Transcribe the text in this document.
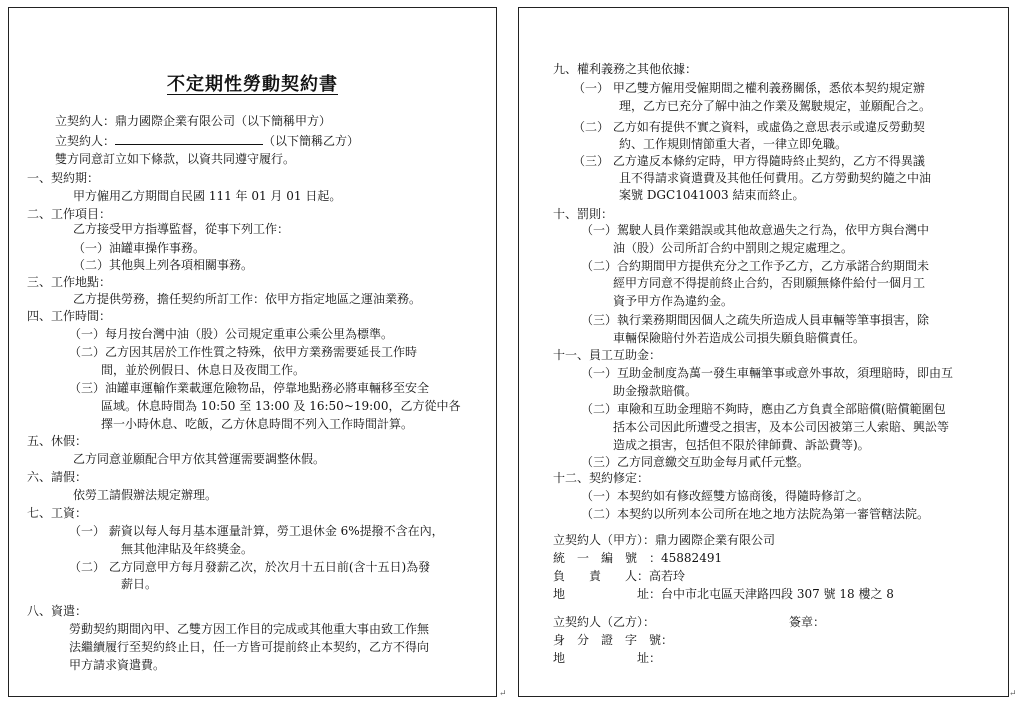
不定期性勞動契約書
立契約人：鼎力國際企業有限公司（以下簡稱甲方）
立契約人：	（以下簡稱乙方）
雙方同意訂立如下條款，以資共同遵守履行。
一、契約期：
甲方僱用乙方期間自民國 111 年 01 月 01 日起。
二、工作項目：
乙方接受甲方指導監督，從事下列工作：
（一）油罐車操作事務。
（二）其他與上列各項相關事務。
三、工作地點：
乙方提供勞務，擔任契約所訂工作：依甲方指定地區之運油業務。
四、工作時間：
（一）每月按台灣中油（股）公司規定重車公乘公里為標準。
（二）乙方因其居於工作性質之特殊，依甲方業務需要延長工作時
間，並於例假日、休息日及夜間工作。
（三）油罐車運輸作業載運危險物品，停靠地點務必將車輛移至安全
區域。休息時間為 10:50 至 13:00 及 16:50~19:00，乙方從中各
擇一小時休息、吃飯，乙方休息時間不列入工作時間計算。
五、休假：
乙方同意並願配合甲方依其營運需要調整休假。
六、請假：
依勞工請假辦法規定辦理。
七、工資：
（一） 薪資以每人每月基本運量計算，勞工退休金 6%提撥不含在內，
無其他津貼及年終獎金。
（二） 乙方同意甲方每月發薪乙次，於次月十五日前(含十五日)為發
薪日。
八、資遣：
勞動契約期間內甲、乙雙方因工作目的完成或其他重大事由致工作無
法繼續履行至契約終止日，任一方皆可提前終止本契約，乙方不得向
甲方請求資遣費。
九、權利義務之其他依據：
（一） 甲乙雙方僱用受僱期間之權利義務關係，悉依本契約規定辦
理，乙方已充分了解中油之作業及駕駛規定，並願配合之。
（二） 乙方如有提供不實之資料，或虛偽之意思表示或違反勞動契
約、工作規則情節重大者，一律立即免職。
（三） 乙方違反本條約定時，甲方得隨時終止契約，乙方不得異議
且不得請求資遣費及其他任何費用。乙方勞動契約隨之中油
案號 DGC1041003 結束而終止。
十、罰則：
（一）駕駛人員作業錯誤或其他故意過失之行為，依甲方與台灣中
油（股）公司所訂合約中罰則之規定處理之。
（二）合約期間甲方提供充分之工作予乙方，乙方承諾合約期間未
經甲方同意不得提前終止合約，否則願無條件給付一個月工
資予甲方作為違約金。
（三）執行業務期間因個人之疏失所造成人員車輛等筆事損害，除
車輛保險賠付外若造成公司損失願負賠償責任。
十一、員工互助金：
（一）互助金制度為萬一發生車輛筆事或意外事故，須理賠時，即由互
助金撥款賠償。
（二）車險和互助金理賠不夠時，應由乙方負責全部賠償(賠償範圍包
括本公司因此所遭受之損害，及本公司因被第三人索賠、興訟等
造成之損害，包括但不限於律師費、訴訟費等)。
（三）乙方同意繳交互助金每月貳仟元整。
十二、契約修定：
（一）本契約如有修改經雙方協商後，得隨時修訂之。
（二）本契約以所列本公司所在地之地方法院為第一審管轄法院。
立契約人（甲方）：鼎力國際企業有限公司
統　一　編　號　：45882491
負　　責　　人：高若玲
地　　　　　　址：台中市北屯區天津路四段 307 號 18 樓之 8
立契約人（乙方）：	簽章：
身　分　證　字　號：
地　　　　　　址：
↵	↵
